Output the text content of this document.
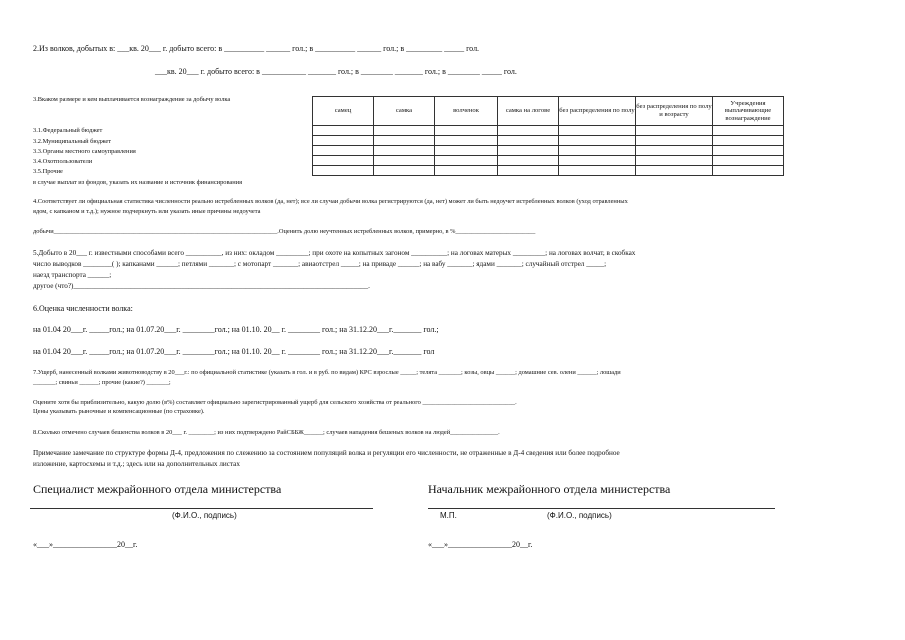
2.Из волков, добытых в: ___кв. 20___ г. добыто всего: в __________ ______ гол.; в __________ ______ гол.; в _________ _____ гол.
___кв. 20___ г. добыто всего: в ___________ _______ гол.; в ________ _______ гол.; в ________ _____ гол.
3.Вкаком размере и кем выплачивается вознаграждение за добычу волка
самец	самка	волченок	самка на логове	без распределения по полу	без распределения по полу и возрасту	Учреждения выплачивающие вознаграждение

3.1.Федеральный бюджет
3.2.Муниципальный бюджет
3.3.Органы местного самоуправления
3.4.Охотпользователи
3.5.Прочие
в случае выплат из фондов, указать их название и источник финансирования
4.Соответствует ли официальная статистика численности реально истребленных волков (да, нет); все ли случаи добычи волка регистрируются (да, нет) может ли быть недоучет истребленных волков (уход отравленных
ядом, с капканом и т.д.); нужное подчеркнуть или указать иные причины недоучета
добычи______________________________________________________________________.Оценить долю неучтенных истребленных волков, примерно, в %_________________________
5.Добыто в 20___ г. известными способами всего __________, из них: окладом _________; при охоте на копытных загоном __________; на логовах матерых _________; на логовах волчат, в скобках
число выводков ________( ); капканами ______; петлями _______; с мотопарт _______; авиаотстрел _____; на приваде ______; на вабу _______; ядами _______; случайный отстрел _____;
наезд транспорта ______;
другое (что?)__________________________________________________________________________________.
6.Оценка численности волка:
на 01.04 20___г. _____гол.; на 01.07.20___г. ________гол.; на 01.10. 20__ г. ________ гол.; на 31.12.20___г._______ гол.;
на 01.04 20___г. _____гол.; на 01.07.20___г. ________гол.; на 01.10. 20__ г. ________ гол.; на 31.12.20___г._______ гол
7.Ущерб, нанесенный волками животноводству в 20___г.: по официальной статистике (указать в гол. и в руб. по видам) КРС взрослые _____; телята _______; козы, овцы ______; домашние сев. олени ______; лошади
_______; свиньи ______; прочие (какие?) _______;
Оцените хотя бы приблизительно, какую долю (в%) составляет официально зарегистрированный ущерб для сельского хозяйства от реального _____________________________.
Цены указывать рыночные и компенсационные (по страховке).
8.Сколько отмечено случаев бешенства волков в 20___ г. ________; из них подтверждено РайСББЖ______; случаев нападения бешеных волков на людей_______________.
Примечание замечание по структуре формы Д-4, предложения по слежению за состоянием популяций волка и регуляции его численности, не отраженные в Д-4 сведения или более подробное
изложение, картосхемы и т.д.; здесь или на дополнительных листах
Специалист межрайонного отдела министерства	Начальник межрайонного отдела министерства
(Ф.И.О., подпись)	М.П.	(Ф.И.О., подпись)
«___»________________20__г.	«___»________________20__г.
